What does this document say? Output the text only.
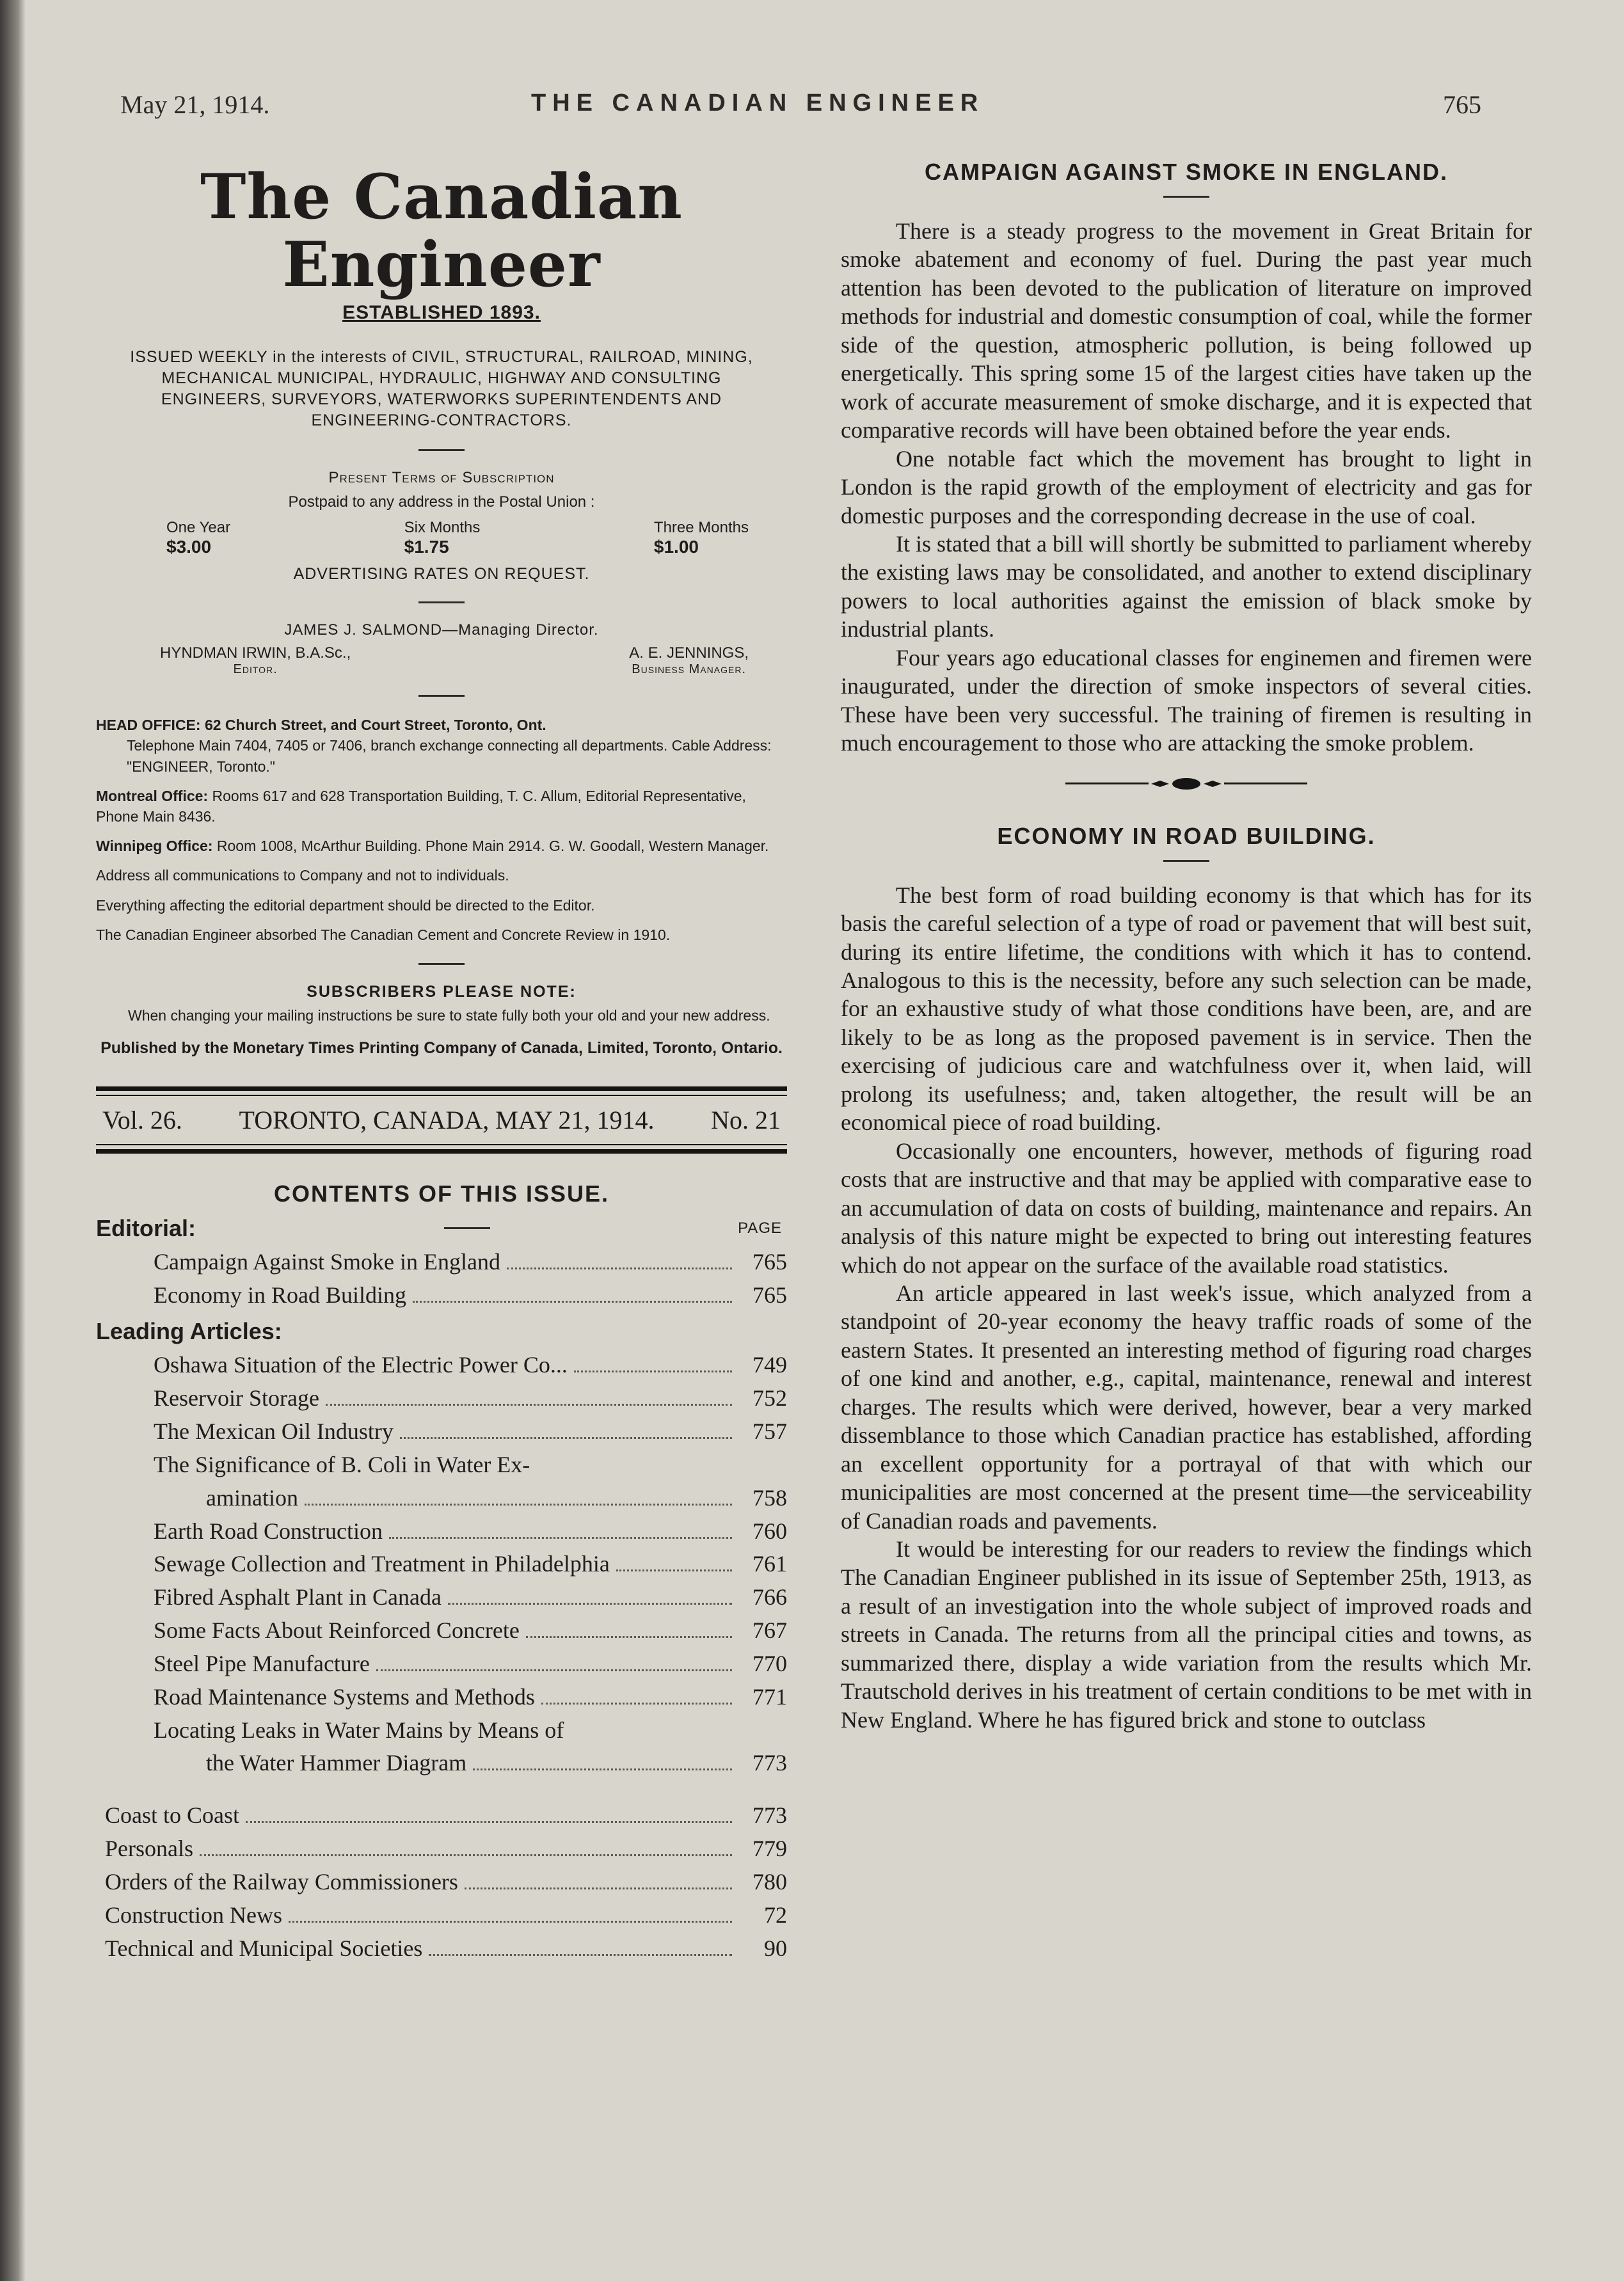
May 21, 1914.	THE CANADIAN ENGINEER	765
The Canadian Engineer
ESTABLISHED 1893.
ISSUED WEEKLY in the interests of CIVIL, STRUCTURAL, RAILROAD, MINING, MECHANICAL MUNICIPAL, HYDRAULIC, HIGHWAY AND CONSULTING ENGINEERS, SURVEYORS, WATERWORKS SUPERINTENDENTS AND ENGINEERING-CONTRACTORS.
Present Terms of Subscription
Postpaid to any address in the Postal Union :
One Year
$3.00
Six Months
$1.75
Three Months
$1.00
ADVERTISING RATES ON REQUEST.
JAMES J. SALMOND—Managing Director.
HYNDMAN IRWIN, B.A.Sc.,
Editor.
A. E. JENNINGS,
Business Manager.
HEAD OFFICE: 62 Church Street, and Court Street, Toronto, Ont.
Telephone Main 7404, 7405 or 7406, branch exchange connecting all departments. Cable Address: "ENGINEER, Toronto."
Montreal Office: Rooms 617 and 628 Transportation Building, T. C. Allum, Editorial Representative, Phone Main 8436.
Winnipeg Office: Room 1008, McArthur Building. Phone Main 2914. G. W. Goodall, Western Manager.
Address all communications to Company and not to individuals.
Everything affecting the editorial department should be directed to the Editor.
The Canadian Engineer absorbed The Canadian Cement and Concrete Review in 1910.
SUBSCRIBERS PLEASE NOTE:
When changing your mailing instructions be sure to state fully both your old and your new address.
Published by the Monetary Times Printing Company of Canada, Limited, Toronto, Ontario.
Vol. 26. TORONTO, CANADA, MAY 21, 1914. No. 21
CONTENTS OF THIS ISSUE.
Editorial:	PAGE
Campaign Against Smoke in England	765
Economy in Road Building	765
Leading Articles:
Oshawa Situation of the Electric Power Co...	749
Reservoir Storage	752
The Mexican Oil Industry	757
The Significance of B. Coli in Water Ex-
amination	758
Earth Road Construction	760
Sewage Collection and Treatment in Philadelphia	761
Fibred Asphalt Plant in Canada	766
Some Facts About Reinforced Concrete	767
Steel Pipe Manufacture	770
Road Maintenance Systems and Methods	771
Locating Leaks in Water Mains by Means of
the Water Hammer Diagram	773
Coast to Coast	773
Personals	779
Orders of the Railway Commissioners	780
Construction News	72
Technical and Municipal Societies	90
CAMPAIGN AGAINST SMOKE IN ENGLAND.

There is a steady progress to the movement in Great Britain for smoke abatement and economy of fuel. During the past year much attention has been devoted to the publication of literature on improved methods for industrial and domestic consumption of coal, while the former side of the question, atmospheric pollution, is being followed up energetically. This spring some 15 of the largest cities have taken up the work of accurate measurement of smoke discharge, and it is expected that comparative records will have been obtained before the year ends.

One notable fact which the movement has brought to light in London is the rapid growth of the employment of electricity and gas for domestic purposes and the corresponding decrease in the use of coal.

It is stated that a bill will shortly be submitted to parliament whereby the existing laws may be consolidated, and another to extend disciplinary powers to local authorities against the emission of black smoke by industrial plants.

Four years ago educational classes for enginemen and firemen were inaugurated, under the direction of smoke inspectors of several cities. These have been very successful. The training of firemen is resulting in much encouragement to those who are attacking the smoke problem.

ECONOMY IN ROAD BUILDING.

The best form of road building economy is that which has for its basis the careful selection of a type of road or pavement that will best suit, during its entire lifetime, the conditions with which it has to contend. Analogous to this is the necessity, before any such selection can be made, for an exhaustive study of what those conditions have been, are, and are likely to be as long as the proposed pavement is in service. Then the exercising of judicious care and watchfulness over it, when laid, will prolong its usefulness; and, taken altogether, the result will be an economical piece of road building.

Occasionally one encounters, however, methods of figuring road costs that are instructive and that may be applied with comparative ease to an accumulation of data on costs of building, maintenance and repairs. An analysis of this nature might be expected to bring out interesting features which do not appear on the surface of the available road statistics.

An article appeared in last week's issue, which analyzed from a standpoint of 20-year economy the heavy traffic roads of some of the eastern States. It presented an interesting method of figuring road charges of one kind and another, e.g., capital, maintenance, renewal and interest charges. The results which were derived, however, bear a very marked dissemblance to those which Canadian practice has established, affording an excellent opportunity for a portrayal of that with which our municipalities are most concerned at the present time—the serviceability of Canadian roads and pavements.

It would be interesting for our readers to review the findings which The Canadian Engineer published in its issue of September 25th, 1913, as a result of an investigation into the whole subject of improved roads and streets in Canada. The returns from all the principal cities and towns, as summarized there, display a wide variation from the results which Mr. Trautschold derives in his treatment of certain conditions to be met with in New England. Where he has figured brick and stone to outclass
